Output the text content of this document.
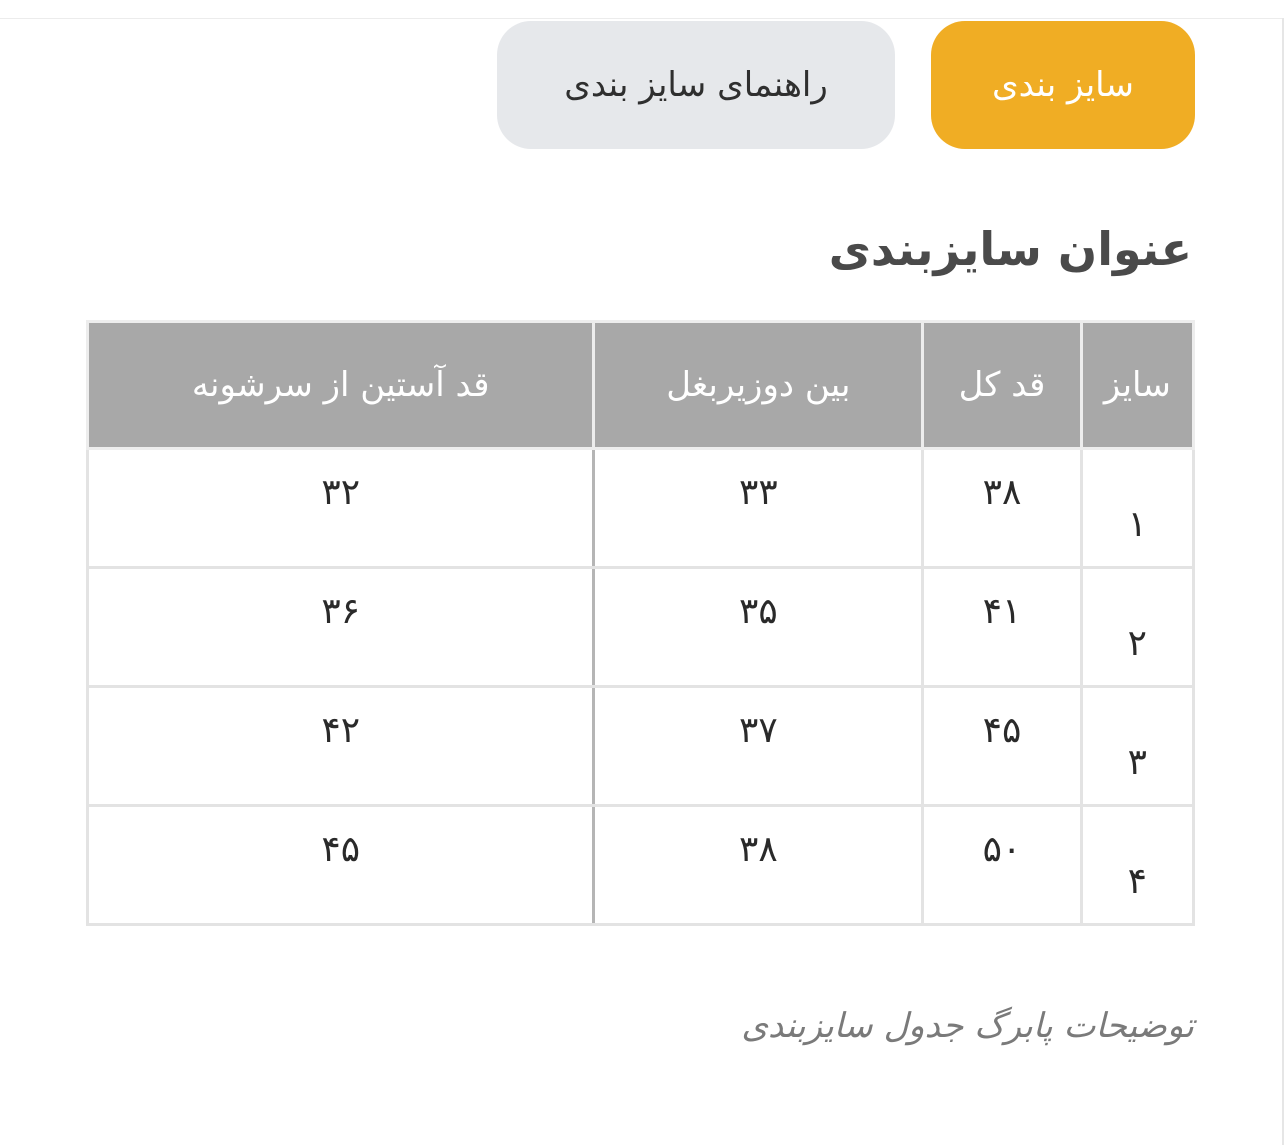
سایز بندی
راهنمای سایز بندی
عنوان سایزبندی
سایز	قد کل	بین دوزیربغل	قد آستین از سرشونه
۱	۳۸	۳۳	۳۲
۲	۴۱	۳۵	۳۶
۳	۴۵	۳۷	۴۲
۴	۵۰	۳۸	۴۵

توضیحات پابرگ جدول سایزبندی
